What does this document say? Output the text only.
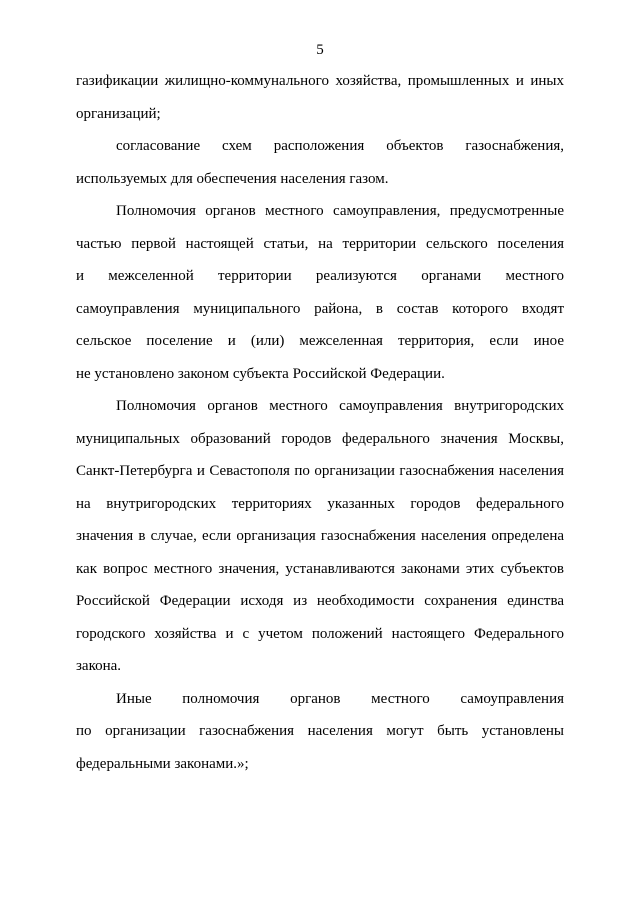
5
газификации жилищно-коммунального хозяйства, промышленных и иных
организаций;
согласование схем расположения объектов газоснабжения,
используемых для обеспечения населения газом.
Полномочия органов местного самоуправления, предусмотренные
частью первой настоящей статьи, на территории сельского поселения
и межселенной территории реализуются органами местного
самоуправления муниципального района, в состав которого входят
сельское поселение и (или) межселенная территория, если иное
не установлено законом субъекта Российской Федерации.
Полномочия органов местного самоуправления внутригородских
муниципальных образований городов федерального значения Москвы,
Санкт-Петербурга и Севастополя по организации газоснабжения населения
на внутригородских территориях указанных городов федерального
значения в случае, если организация газоснабжения населения определена
как вопрос местного значения, устанавливаются законами этих субъектов
Российской Федерации исходя из необходимости сохранения единства
городского хозяйства и с учетом положений настоящего Федерального
закона.
Иные полномочия органов местного самоуправления
по организации газоснабжения населения могут быть установлены
федеральными законами.»;
